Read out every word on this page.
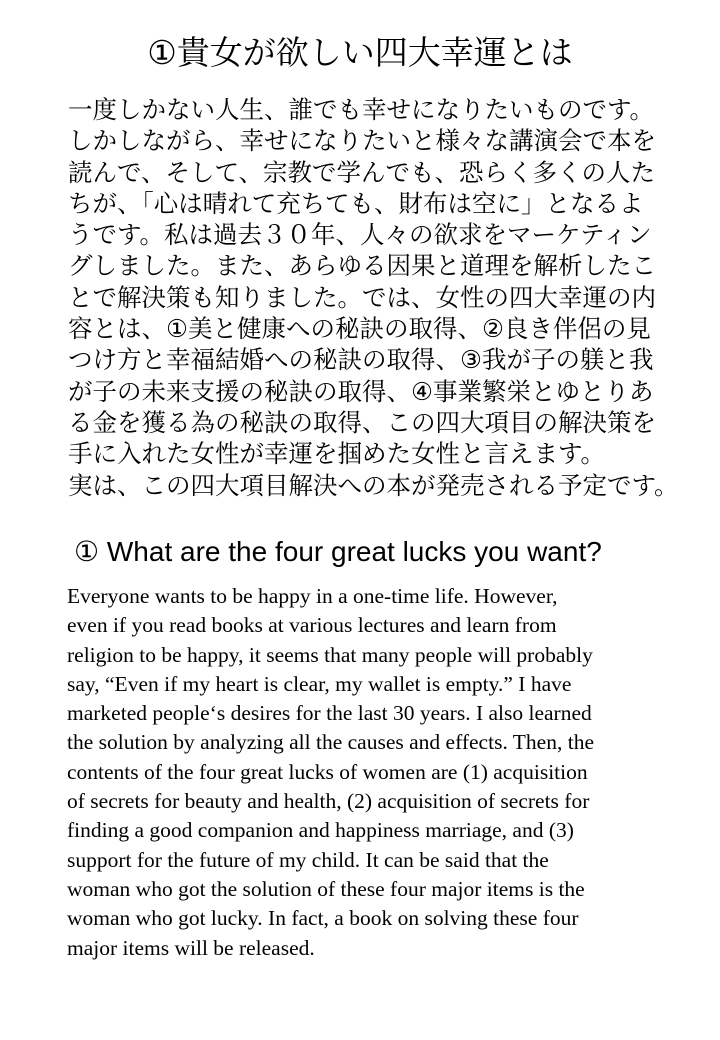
①貴女が欲しい四大幸運とは
一度しかない人生、誰でも幸せになりたいものです。
しかしながら、幸せになりたいと様々な講演会で本を
読んで、そして、宗教で学んでも、恐らく多くの人た
ちが、「心は晴れて充ちても、財布は空に」となるよ
うです。私は過去３０年、人々の欲求をマーケティン
グしました。また、あらゆる因果と道理を解析したこ
とで解決策も知りました。では、女性の四大幸運の内
容とは、①美と健康への秘訣の取得、②良き伴侶の見
つけ方と幸福結婚への秘訣の取得、③我が子の躾と我
が子の未来支援の秘訣の取得、④事業繁栄とゆとりあ
る金を獲る為の秘訣の取得、この四大項目の解決策を
手に入れた女性が幸運を掴めた女性と言えます。
実は、この四大項目解決への本が発売される予定です。
① What are the four great lucks you want?
Everyone wants to be happy in a one-time life. However,
even if you read books at various lectures and learn from
religion to be happy, it seems that many people will probably
say, “Even if my heart is clear, my wallet is empty.” I have
marketed people‘s desires for the last 30 years. I also learned
the solution by analyzing all the causes and effects. Then, the
contents of the four great lucks of women are (1) acquisition
of secrets for beauty and health, (2) acquisition of secrets for
finding a good companion and happiness marriage, and (3)
support for the future of my child. It can be said that the
woman who got the solution of these four major items is the
woman who got lucky. In fact, a book on solving these four
major items will be released.
